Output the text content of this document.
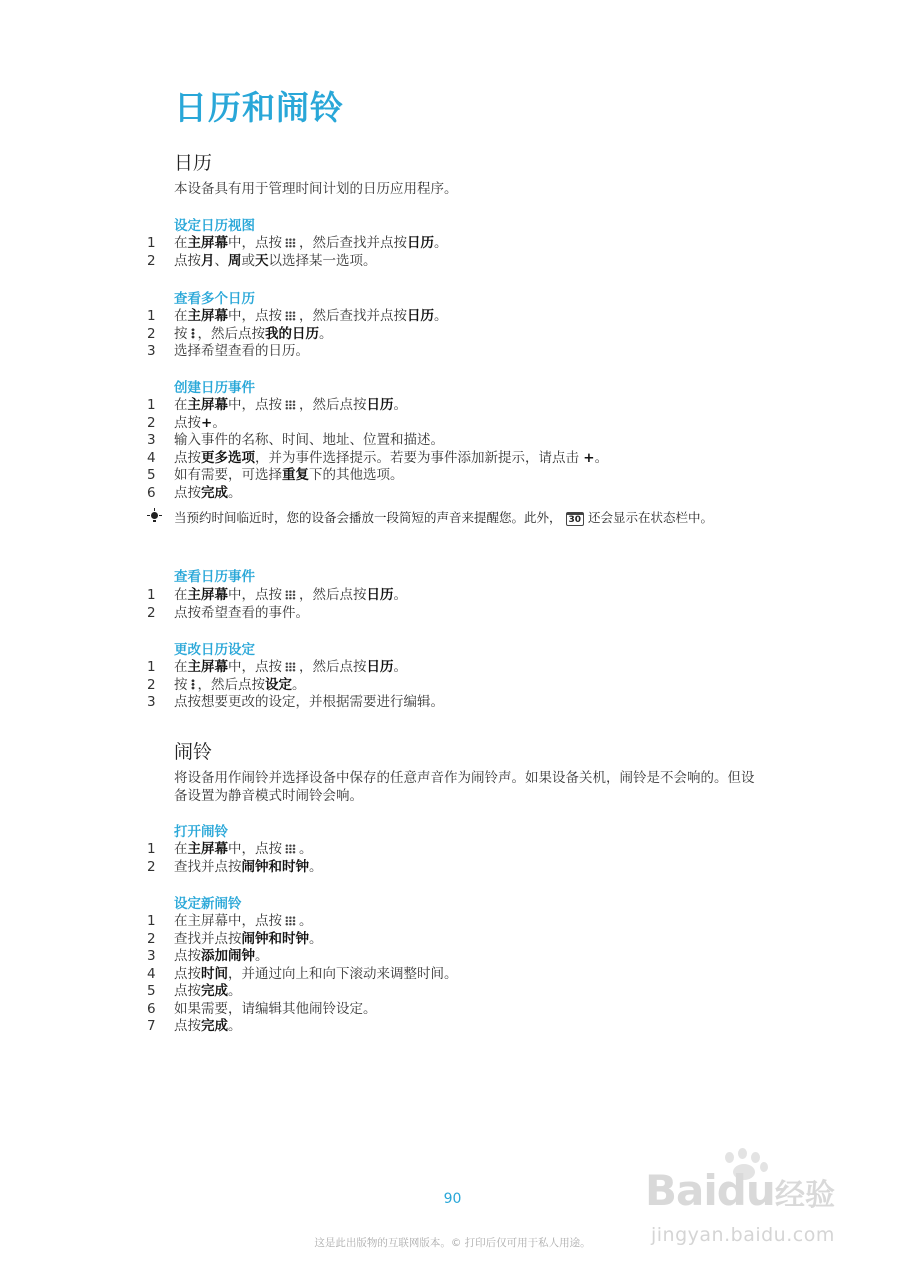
日历和闹铃
日历
本设备具有用于管理时间计划的日历应用程序。
设定日历视图
1	在主屏幕中，点按 ，然后查找并点按日历。
2	点按月、周或天以选择某一选项。
查看多个日历
1	在主屏幕中，点按 ，然后查找并点按日历。
2	按 ，然后点按我的日历。
3	选择希望查看的日历。
创建日历事件
1	在主屏幕中，点按 ，然后点按日历。
2	点按+。
3	输入事件的名称、时间、地址、位置和描述。
4	点按更多选项，并为事件选择提示。若要为事件添加新提示，请点击 +。
5	如有需要，可选择重复下的其他选项。
6	点按完成。
当预约时间临近时，您的设备会播放一段简短的声音来提醒您。此外， 30 还会显示在状态栏中。
查看日历事件
1	在主屏幕中，点按 ，然后点按日历。
2	点按希望查看的事件。
更改日历设定
1	在主屏幕中，点按 ，然后点按日历。
2	按 ，然后点按设定。
3	点按想要更改的设定，并根据需要进行编辑。
闹铃
将设备用作闹铃并选择设备中保存的任意声音作为闹铃声。如果设备关机，闹铃是不会响的。但设备设置为静音模式时闹铃会响。
打开闹铃
1	在主屏幕中，点按 。
2	查找并点按闹钟和时钟。
设定新闹铃
1	在主屏幕中，点按 。
2	查找并点按闹钟和时钟。
3	点按添加闹钟。
4	点按时间，并通过向上和向下滚动来调整时间。
5	点按完成。
6	如果需要，请编辑其他闹铃设定。
7	点按完成。
90
这是此出版物的互联网版本。© 打印后仅可用于私人用途。
Baidu 经验
jingyan.baidu.com
